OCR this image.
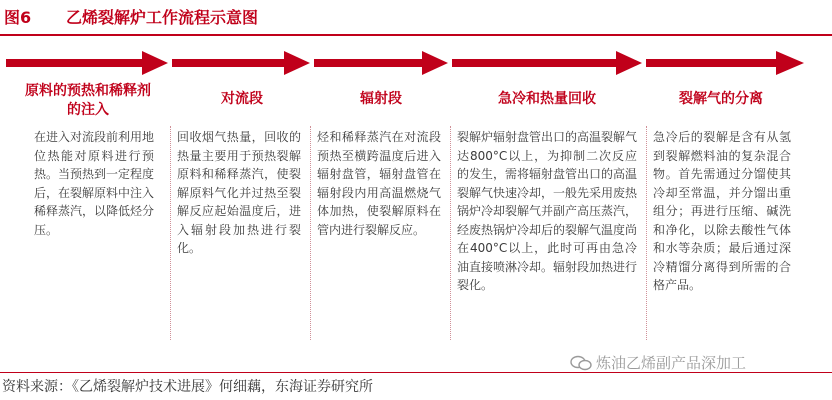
图6 乙烯裂解炉工作流程示意图
原料的预热和稀释剂的注入
对流段	辐射段	急冷和热量回收	裂解气的分离
在进入对流段前利用地位热能对原料进行预热。当预热到一定程度后，在裂解原料中注入稀释蒸汽，以降低烃分压。
回收烟气热量，回收的热量主要用于预热裂解原料和稀释蒸汽，使裂解原料气化并过热至裂解反应起始温度后，进入辐射段加热进行裂化。
烃和稀释蒸汽在对流段预热至横跨温度后进入辐射盘管，辐射盘管在辐射段内用高温燃烧气体加热，使裂解原料在管内进行裂解反应。
裂解炉辐射盘管出口的高温裂解气达800°C以上，为抑制二次反应的发生，需将辐射盘管出口的高温裂解气快速冷却，一般先采用废热锅炉冷却裂解气并副产高压蒸汽，经废热锅炉冷却后的裂解气温度尚在400°C以上，此时可再由急冷油直接喷淋冷却。辐射段加热进行裂化。
急冷后的裂解是含有从氢到裂解燃料油的复杂混合物。首先需通过分馏使其冷却至常温，并分馏出重组分；再进行压缩、碱洗和净化，以除去酸性气体和水等杂质；最后通过深冷精馏分离得到所需的合格产品。
炼油乙烯副产品深加工
资料来源：《乙烯裂解炉技术进展》何细藕，东海证券研究所
